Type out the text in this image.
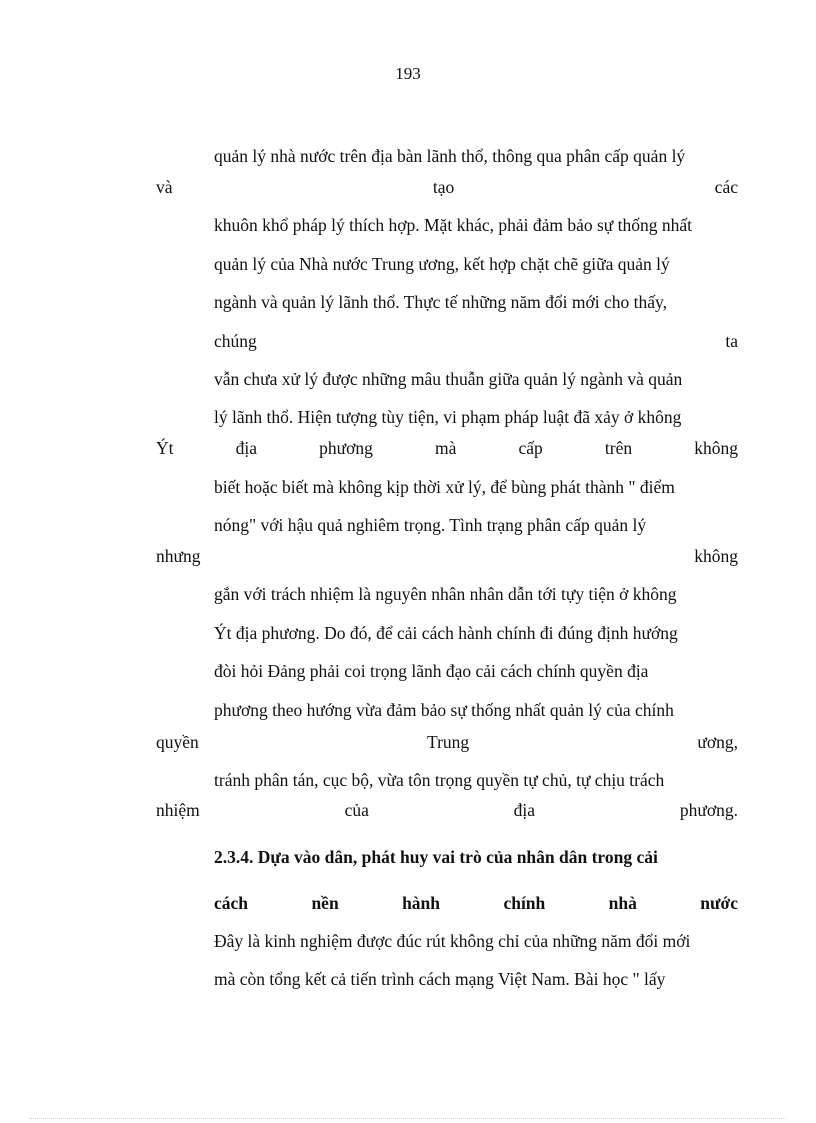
193
quản lý nhà nước trên địa bàn lãnh thổ, thông qua phân cấp quản lý
và	tạo	các
khuôn khổ pháp lý thích hợp. Mặt khác, phải đảm bảo sự thống nhất
quản lý của Nhà nước Trung ương, kết hợp chặt chẽ giữa quản lý
ngành và quản lý lãnh thổ. Thực tế những năm đổi mới cho thấy,
chúng	ta
vẫn chưa xử lý được những mâu thuẫn giữa quản lý ngành và quản
lý lãnh thổ. Hiện tượng tùy tiện, vi phạm pháp luật đã xảy ở không
Ýt	địa	phương	mà	cấp	trên	không
biết hoặc biết mà không kịp thời xử lý, để bùng phát thành " điểm
nóng" với hậu quả nghiêm trọng. Tình trạng phân cấp quản lý
nhưng	không
gắn với trách nhiệm là nguyên nhân nhân dẫn tới tựy tiện ở không
Ýt địa phương. Do đó, để cải cách hành chính đi đúng định hướng
đòi hỏi Đảng phải coi trọng lãnh đạo cải cách chính quyền địa
phương theo hướng vừa đảm bảo sự thống nhất quản lý của chính
quyền	Trung	ương,
tránh phân tán, cục bộ, vừa tôn trọng quyền tự chủ, tự chịu trách
nhiệm	của	địa	phương.
2.3.4. Dựa vào dân, phát huy vai trò của nhân dân trong cải
cách	nền	hành	chính	nhà	nước
Đây là kinh nghiệm được đúc rút không chỉ của những năm đổi mới
mà còn tổng kết cả tiến trình cách mạng Việt Nam. Bài học " lấy
